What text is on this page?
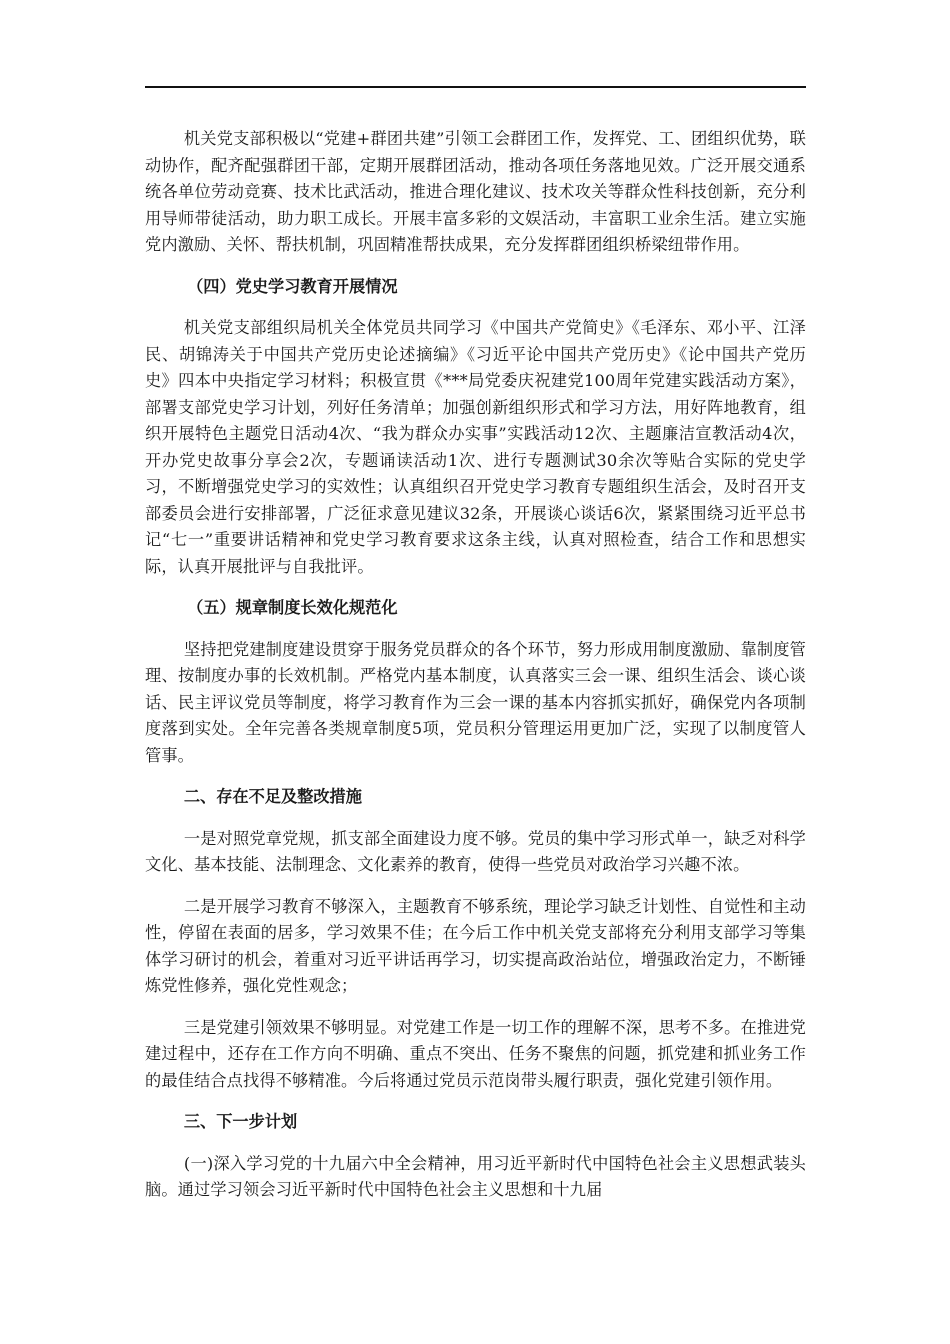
机关党支部积极以“党建+群团共建”引领工会群团工作，发挥党、工、团组织优势，联动协作，配齐配强群团干部，定期开展群团活动，推动各项任务落地见效。广泛开展交通系统各单位劳动竞赛、技术比武活动，推进合理化建议、技术攻关等群众性科技创新，充分利用导师带徒活动，助力职工成长。开展丰富多彩的文娱活动，丰富职工业余生活。建立实施党内激励、关怀、帮扶机制，巩固精准帮扶成果，充分发挥群团组织桥梁纽带作用。

（四）党史学习教育开展情况

机关党支部组织局机关全体党员共同学习《中国共产党简史》《毛泽东、邓小平、江泽民、胡锦涛关于中国共产党历史论述摘编》《习近平论中国共产党历史》《论中国共产党历史》四本中央指定学习材料；积极宣贯《***局党委庆祝建党100周年党建实践活动方案》，部署支部党史学习计划，列好任务清单；加强创新组织形式和学习方法，用好阵地教育，组织开展特色主题党日活动4次、“我为群众办实事”实践活动12次、主题廉洁宣教活动4次，开办党史故事分享会2次，专题诵读活动1次、进行专题测试30余次等贴合实际的党史学习，不断增强党史学习的实效性；认真组织召开党史学习教育专题组织生活会，及时召开支部委员会进行安排部署，广泛征求意见建议32条，开展谈心谈话6次，紧紧围绕习近平总书记“七一”重要讲话精神和党史学习教育要求这条主线，认真对照检查，结合工作和思想实际，认真开展批评与自我批评。

（五）规章制度长效化规范化

坚持把党建制度建设贯穿于服务党员群众的各个环节，努力形成用制度激励、靠制度管理、按制度办事的长效机制。严格党内基本制度，认真落实三会一课、组织生活会、谈心谈话、民主评议党员等制度，将学习教育作为三会一课的基本内容抓实抓好，确保党内各项制度落到实处。全年完善各类规章制度5项，党员积分管理运用更加广泛，实现了以制度管人管事。

二、存在不足及整改措施

一是对照党章党规，抓支部全面建设力度不够。党员的集中学习形式单一，缺乏对科学文化、基本技能、法制理念、文化素养的教育，使得一些党员对政治学习兴趣不浓。

二是开展学习教育不够深入，主题教育不够系统，理论学习缺乏计划性、自觉性和主动性，停留在表面的居多，学习效果不佳；在今后工作中机关党支部将充分利用支部学习等集体学习研讨的机会，着重对习近平讲话再学习，切实提高政治站位，增强政治定力，不断锤炼党性修养，强化党性观念；

三是党建引领效果不够明显。对党建工作是一切工作的理解不深，思考不多。在推进党建过程中，还存在工作方向不明确、重点不突出、任务不聚焦的问题，抓党建和抓业务工作的最佳结合点找得不够精准。今后将通过党员示范岗带头履行职责，强化党建引领作用。

三、下一步计划

(一)深入学习党的十九届六中全会精神，用习近平新时代中国特色社会主义思想武装头脑。通过学习领会习近平新时代中国特色社会主义思想和十九届
